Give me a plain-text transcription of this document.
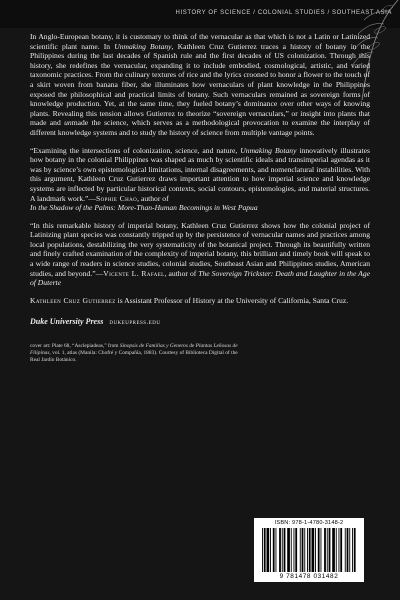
HISTORY OF SCIENCE / COLONIAL STUDIES / SOUTHEAST ASIA

In Anglo-European botany, it is customary to think of the vernacular as that which is not a Latin or Latinized scientific plant name. In Unmaking Botany, Kathleen Cruz Gutierrez traces a history of botany in the Philippines during the last decades of Spanish rule and the first decades of US colonization. Through this history, she redefines the vernacular, expanding it to include embodied, cosmological, artistic, and varied taxonomic practices. From the culinary textures of rice and the lyrics crooned to honor a flower to the touch of a skirt woven from banana fiber, she illuminates how vernaculars of plant knowledge in the Philippines exposed the philosophical and practical limits of botany. Such vernaculars remained as sovereign forms of knowledge production. Yet, at the same time, they fueled botany’s dominance over other ways of knowing plants. Revealing this tension allows Gutierrez to theorize “sovereign vernaculars,” or insight into plants that made and unmade the science, which serves as a methodological provocation to examine the interplay of different knowledge systems and to study the history of science from multiple vantage points.

“Examining the intersections of colonization, science, and nature, Unmaking Botany innovatively illustrates how botany in the colonial Philippines was shaped as much by scientific ideals and transimperial agendas as it was by science’s own epistemological limitations, internal disagreements, and nomenclatural instabilities. With this argument, Kathleen Cruz Gutierrez draws important attention to how imperial science and knowledge systems are inflected by particular historical contexts, social contours, epistemologies, and material structures. A landmark work.”—Sophie Chao, author of
In the Shadow of the Palms: More-Than-Human Becomings in West Papua

“In this remarkable history of imperial botany, Kathleen Cruz Gutierrez shows how the colonial project of Latinizing plant species was constantly tripped up by the persistence of vernacular names and practices among local populations, destabilizing the very systematicity of the botanical project. Through its beautifully written and finely crafted examination of the complexity of imperial botany, this brilliant and timely book will speak to a wide range of readers in science studies, colonial studies, Southeast Asian and Philippines studies, American studies, and beyond.”—Vicente L. Rafael, author of The Sovereign Trickster: Death and Laughter in the Age of Duterte

Kathleen Cruz Gutierrez is Assistant Professor of History at the University of California, Santa Cruz.

Duke University Press dukeupress.edu

cover art: Plate 68, “Asclepiadeas,” from Sinopsis de Familias y Generos de Plantas Leñosas de Filipinas, vol. 1, atlas (Manila: Chofré y Compañía, 1883). Courtesy of Biblioteca Digital of the Real Jardín Botánico.

ISBN: 978-1-4780-3148-2
9 781478 031482
